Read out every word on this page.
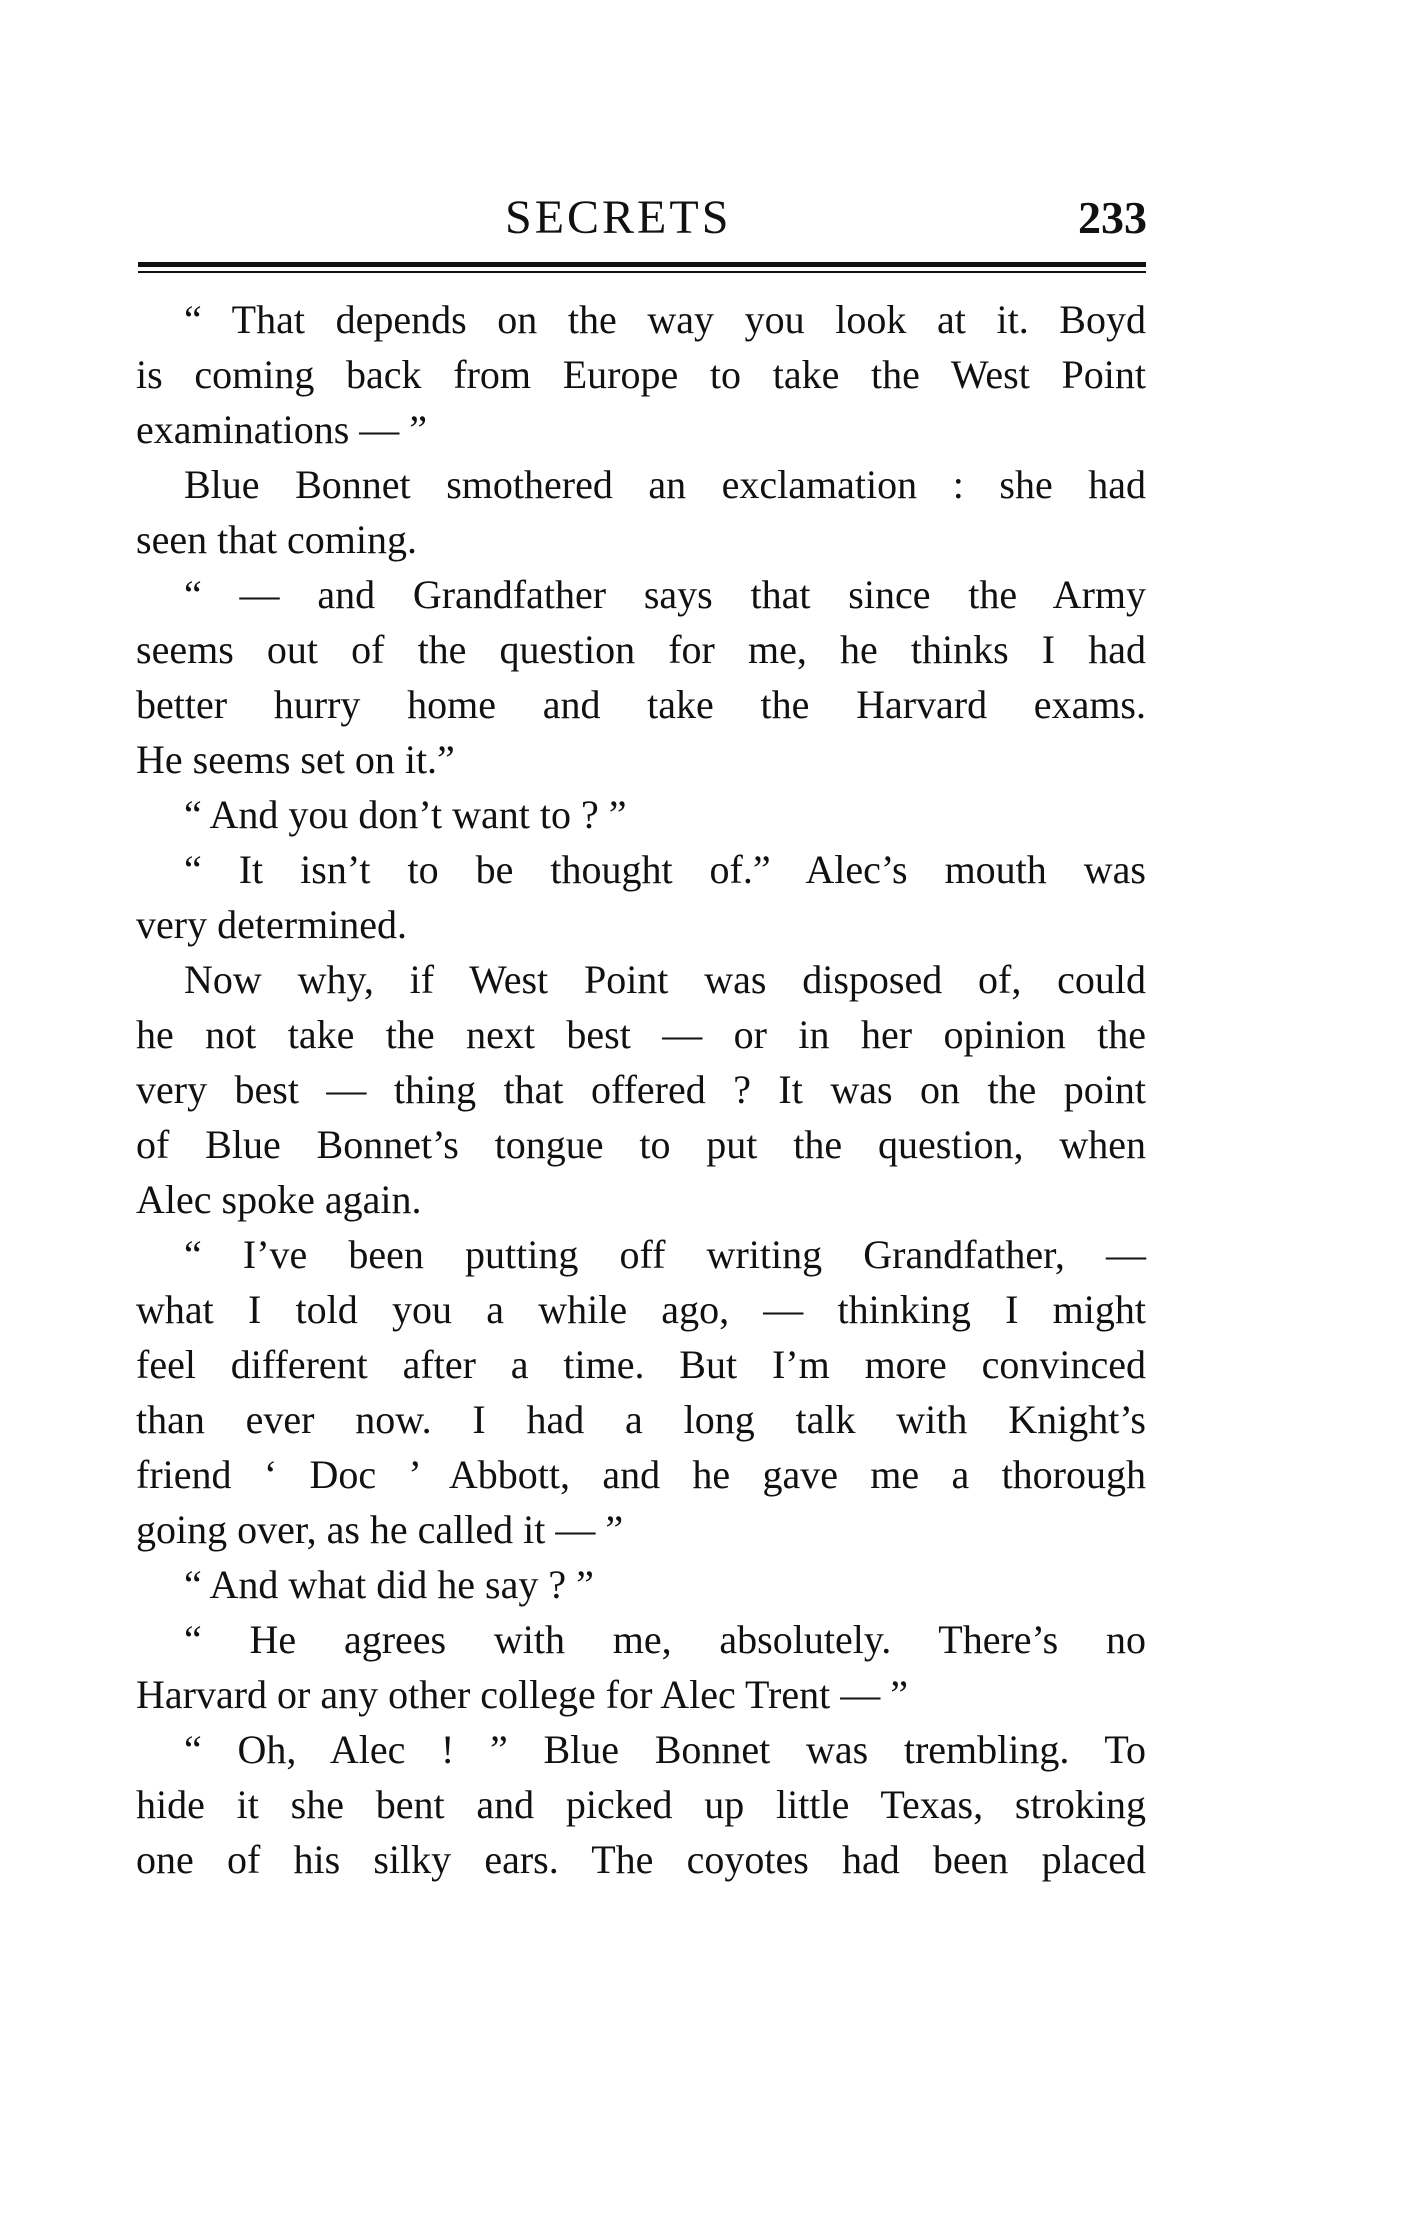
SECRETS	233
“ That depends on the way you look at it. Boyd
is coming back from Europe to take the West Point
examinations — ”
Blue Bonnet smothered an exclamation : she had
seen that coming.
“ — and Grandfather says that since the Army
seems out of the question for me, he thinks I had
better hurry home and take the Harvard exams.
He seems set on it.”
“ And you don’t want to ? ”
“ It isn’t to be thought of.” Alec’s mouth was
very determined.
Now why, if West Point was disposed of, could
he not take the next best — or in her opinion the
very best — thing that offered ? It was on the point
of Blue Bonnet’s tongue to put the question, when
Alec spoke again.
“ I’ve been putting off writing Grandfather, —
what I told you a while ago, — thinking I might
feel different after a time. But I’m more convinced
than ever now. I had a long talk with Knight’s
friend ‘ Doc ’ Abbott, and he gave me a thorough
going over, as he called it — ”
“ And what did he say ? ”
“ He agrees with me, absolutely. There’s no
Harvard or any other college for Alec Trent — ”
“ Oh, Alec ! ” Blue Bonnet was trembling. To
hide it she bent and picked up little Texas, stroking
one of his silky ears. The coyotes had been placed
